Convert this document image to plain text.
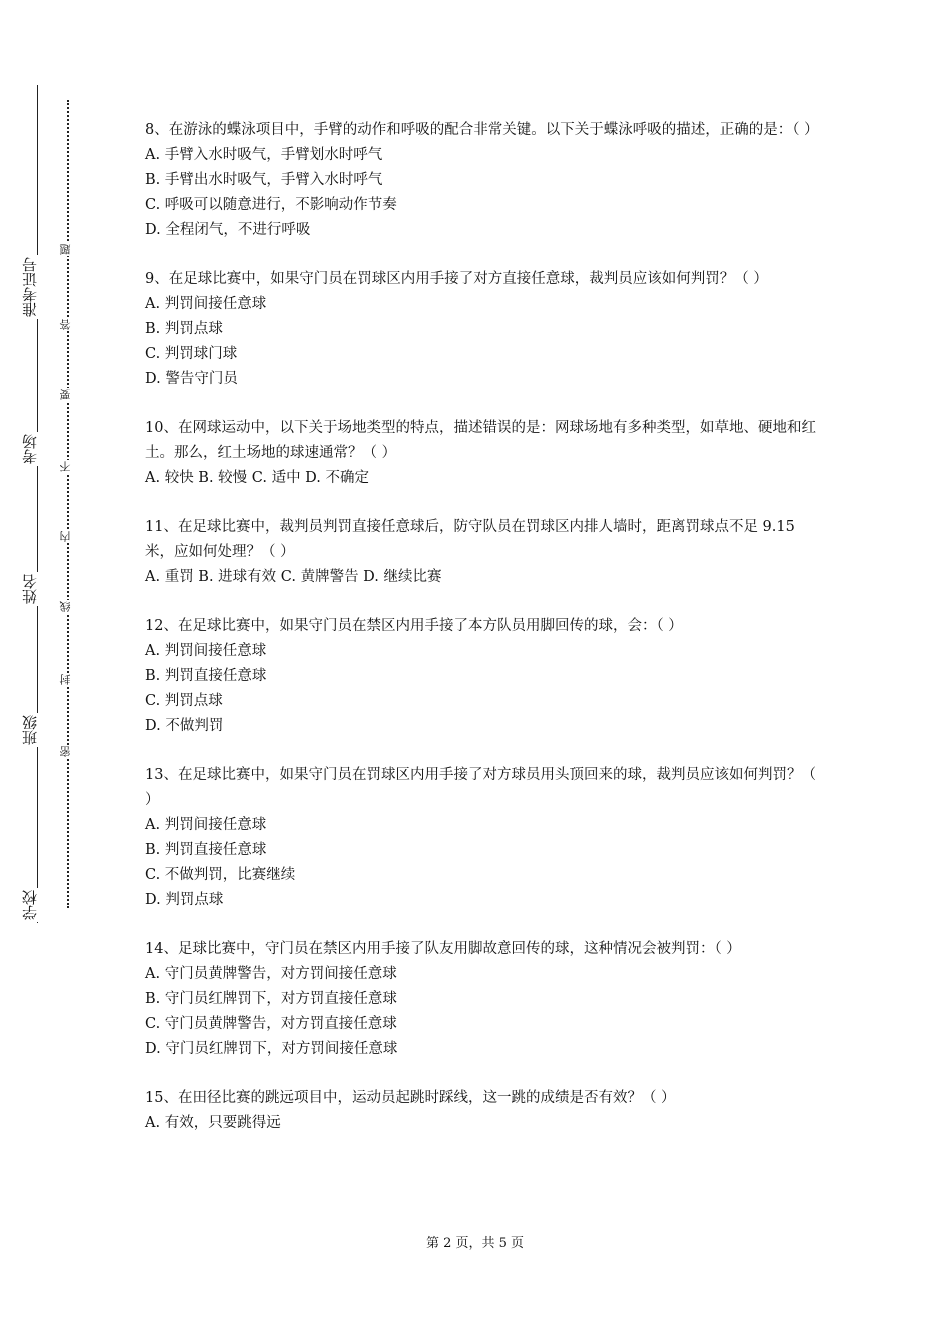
准考证号
考场
姓名
班级
学校
题
答
要
不
内
线
封
密

8、在游泳的蝶泳项目中，手臂的动作和呼吸的配合非常关键。以下关于蝶泳呼吸的描述，正确的是：（ ）

A. 手臂入水时吸气，手臂划水时呼气

B. 手臂出水时吸气，手臂入水时呼气

C. 呼吸可以随意进行，不影响动作节奏

D. 全程闭气，不进行呼吸

9、在足球比赛中，如果守门员在罚球区内用手接了对方直接任意球，裁判员应该如何判罚？（ ）

A. 判罚间接任意球

B. 判罚点球

C. 判罚球门球

D. 警告守门员

10、在网球运动中，以下关于场地类型的特点，描述错误的是：网球场地有多种类型，如草地、硬地和红土。那么，红土场地的球速通常？（ ）

A. 较快 B. 较慢 C. 适中 D. 不确定

11、在足球比赛中，裁判员判罚直接任意球后，防守队员在罚球区内排人墙时，距离罚球点不足 9.15 米，应如何处理？（ ）

A. 重罚 B. 进球有效 C. 黄牌警告 D. 继续比赛

12、在足球比赛中，如果守门员在禁区内用手接了本方队员用脚回传的球，会：（ ）

A. 判罚间接任意球

B. 判罚直接任意球

C. 判罚点球

D. 不做判罚

13、在足球比赛中，如果守门员在罚球区内用手接了对方球员用头顶回来的球，裁判员应该如何判罚？（ ）

A. 判罚间接任意球

B. 判罚直接任意球

C. 不做判罚，比赛继续

D. 判罚点球

14、足球比赛中，守门员在禁区内用手接了队友用脚故意回传的球，这种情况会被判罚：（ ）

A. 守门员黄牌警告，对方罚间接任意球

B. 守门员红牌罚下，对方罚直接任意球

C. 守门员黄牌警告，对方罚直接任意球

D. 守门员红牌罚下，对方罚间接任意球

15、在田径比赛的跳远项目中，运动员起跳时踩线，这一跳的成绩是否有效？（ ）

A. 有效，只要跳得远

第 2 页，共 5 页
